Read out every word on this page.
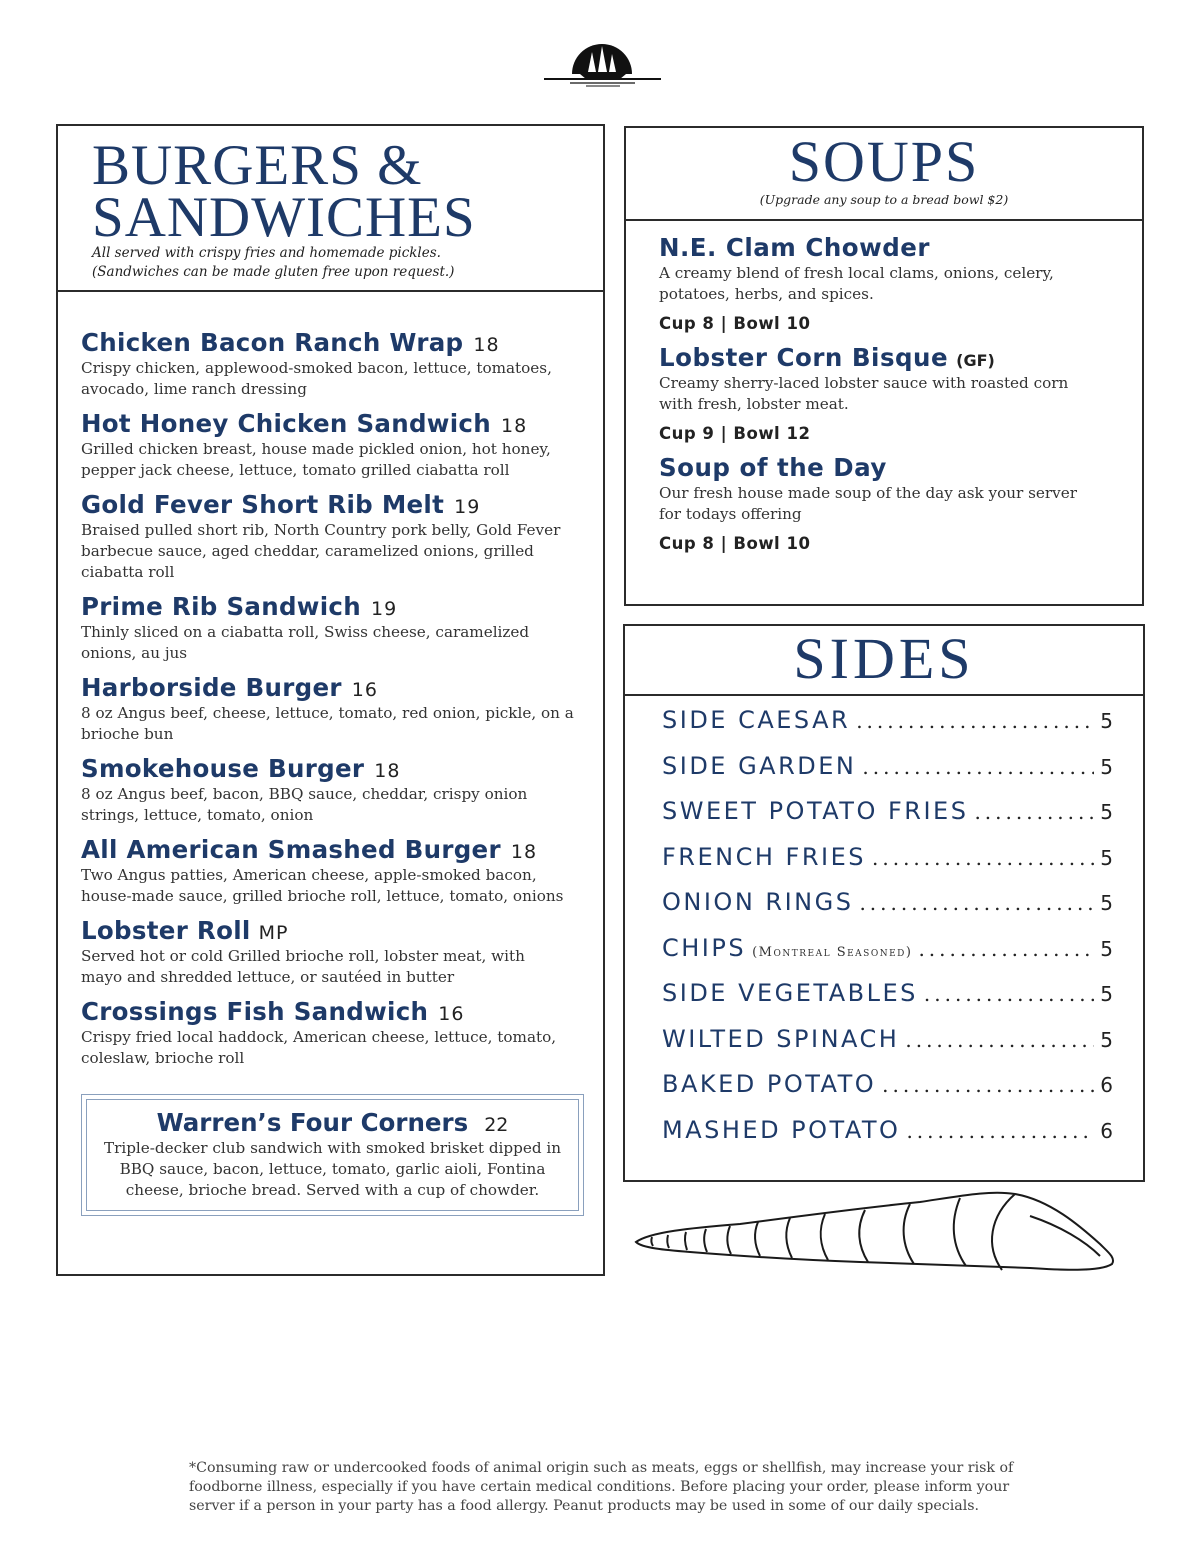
BURGERS &
SANDWICHES
All served with crispy fries and homemade pickles.
(Sandwiches can be made gluten free upon request.)
Chicken Bacon Ranch Wrap 18
Crispy chicken, applewood-smoked bacon, lettuce, tomatoes, avocado, lime ranch dressing
Hot Honey Chicken Sandwich 18
Grilled chicken breast, house made pickled onion, hot honey, pepper jack cheese, lettuce, tomato grilled ciabatta roll
Gold Fever Short Rib Melt 19
Braised pulled short rib, North Country pork belly, Gold Fever barbecue sauce, aged cheddar, caramelized onions, grilled ciabatta roll
Prime Rib Sandwich 19
Thinly sliced on a ciabatta roll, Swiss cheese, caramelized onions, au jus
Harborside Burger 16
8 oz Angus beef, cheese, lettuce, tomato, red onion, pickle, on a brioche bun
Smokehouse Burger 18
8 oz Angus beef, bacon, BBQ sauce, cheddar, crispy onion strings, lettuce, tomato, onion
All American Smashed Burger 18
Two Angus patties, American cheese, apple-smoked bacon, house-made sauce, grilled brioche roll, lettuce, tomato, onions
Lobster Roll MP
Served hot or cold Grilled brioche roll, lobster meat, with mayo and shredded lettuce, or sautéed in butter
Crossings Fish Sandwich 16
Crispy fried local haddock, American cheese, lettuce, tomato, coleslaw, brioche roll
Warren’s Four Corners 22
Triple-decker club sandwich with smoked brisket dipped in BBQ sauce, bacon, lettuce, tomato, garlic aioli, Fontina cheese, brioche bread. Served with a cup of chowder.
SOUPS
(Upgrade any soup to a bread bowl $2)
N.E. Clam Chowder
A creamy blend of fresh local clams, onions, celery, potatoes, herbs, and spices.
Cup 8 | Bowl 10
Lobster Corn Bisque (GF)
Creamy sherry-laced lobster sauce with roasted corn with fresh, lobster meat.
Cup 9 | Bowl 12
Soup of the Day
Our fresh house made soup of the day ask your server for todays offering
Cup 8 | Bowl 10
SIDES
SIDE CAESAR .....	5
SIDE GARDEN .....	5
SWEET POTATO FRIES .....	5
FRENCH FRIES .....	5
ONION RINGS .....	5
CHIPS (Montreal Seasoned) .....	5
SIDE VEGETABLES .....	5
WILTED SPINACH .....	5
BAKED POTATO .....	6
MASHED POTATO .....	6
*Consuming raw or undercooked foods of animal origin such as meats, eggs or shellfish, may increase your risk of foodborne illness, especially if you have certain medical conditions. Before placing your order, please inform your server if a person in your party has a food allergy. Peanut products may be used in some of our daily specials.
